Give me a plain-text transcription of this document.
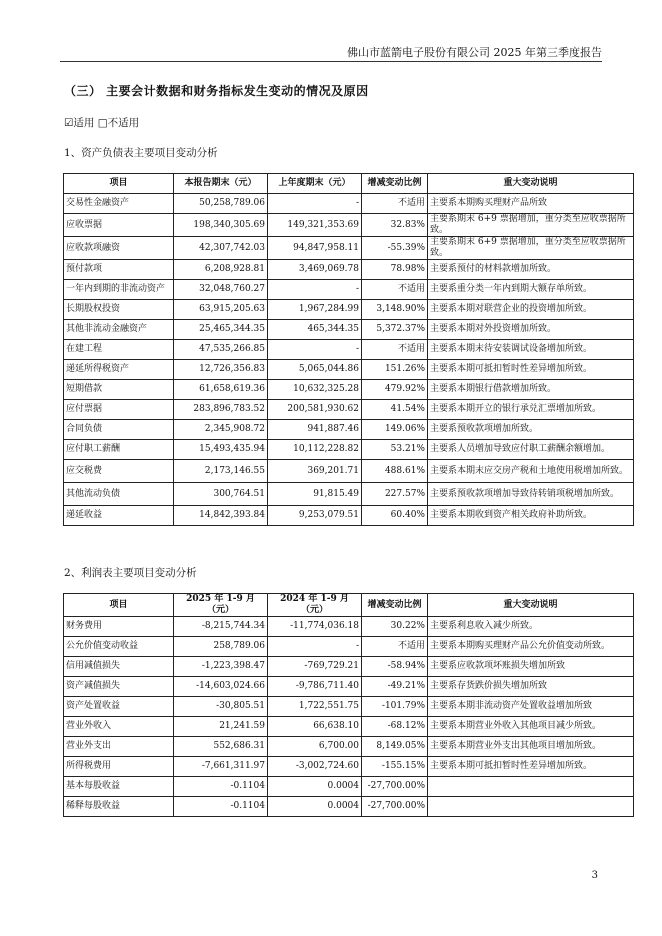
佛山市蓝箭电子股份有限公司 2025 年第三季度报告
（三） 主要会计数据和财务指标发生变动的情况及原因
☑适用 □不适用
1、资产负债表主要项目变动分析
项目	本报告期末（元）	上年度期末（元）	增减变动比例	重大变动说明
交易性金融资产	50,258,789.06	-	不适用	主要系本期购买理财产品所致
应收票据	198,340,305.69	149,321,353.69	32.83%	主要系期末 6+9 票据增加，重分类至应收票据所致。
应收款项融资	42,307,742.03	94,847,958.11	-55.39%	主要系期末 6+9 票据增加，重分类至应收票据所致。
预付款项	6,208,928.81	3,469,069.78	78.98%	主要系预付的材料款增加所致。
一年内到期的非流动资产	32,048,760.27	-	不适用	主要系重分类一年内到期大额存单所致。
长期股权投资	63,915,205.63	1,967,284.99	3,148.90%	主要系本期对联营企业的投资增加所致。
其他非流动金融资产	25,465,344.35	465,344.35	5,372.37%	主要系本期对外投资增加所致。
在建工程	47,535,266.85	-	不适用	主要系本期末待安装调试设备增加所致。
递延所得税资产	12,726,356.83	5,065,044.86	151.26%	主要系本期可抵扣暂时性差异增加所致。
短期借款	61,658,619.36	10,632,325.28	479.92%	主要系本期银行借款增加所致。
应付票据	283,896,783.52	200,581,930.62	41.54%	主要系本期开立的银行承兑汇票增加所致。
合同负债	2,345,908.72	941,887.46	149.06%	主要系预收款项增加所致。
应付职工薪酬	15,493,435.94	10,112,228.82	53.21%	主要系人员增加导致应付职工薪酬余额增加。
应交税费	2,173,146.55	369,201.71	488.61%	主要系本期末应交房产税和土地使用税增加所致。
其他流动负债	300,764.51	91,815.49	227.57%	主要系预收款项增加导致待转销项税增加所致。
递延收益	14,842,393.84	9,253,079.51	60.40%	主要系本期收到资产相关政府补助所致。
2、利润表主要项目变动分析
项目	2025 年 1-9 月（元）	2024 年 1-9 月（元）	增减变动比例	重大变动说明
财务费用	-8,215,744.34	-11,774,036.18	30.22%	主要系利息收入减少所致。
公允价值变动收益	258,789.06	-	不适用	主要系本期购买理财产品公允价值变动所致。
信用减值损失	-1,223,398.47	-769,729.21	-58.94%	主要系应收款项坏账损失增加所致
资产减值损失	-14,603,024.66	-9,786,711.40	-49.21%	主要系存货跌价损失增加所致
资产处置收益	-30,805.51	1,722,551.75	-101.79%	主要系本期非流动资产处置收益增加所致
营业外收入	21,241.59	66,638.10	-68.12%	主要系本期营业外收入其他项目减少所致。
营业外支出	552,686.31	6,700.00	8,149.05%	主要系本期营业外支出其他项目增加所致。
所得税费用	-7,661,311.97	-3,002,724.60	-155.15%	主要系本期可抵扣暂时性差异增加所致。
基本每股收益	-0.1104	0.0004	-27,700.00%	
稀释每股收益	-0.1104	0.0004	-27,700.00%	
3
